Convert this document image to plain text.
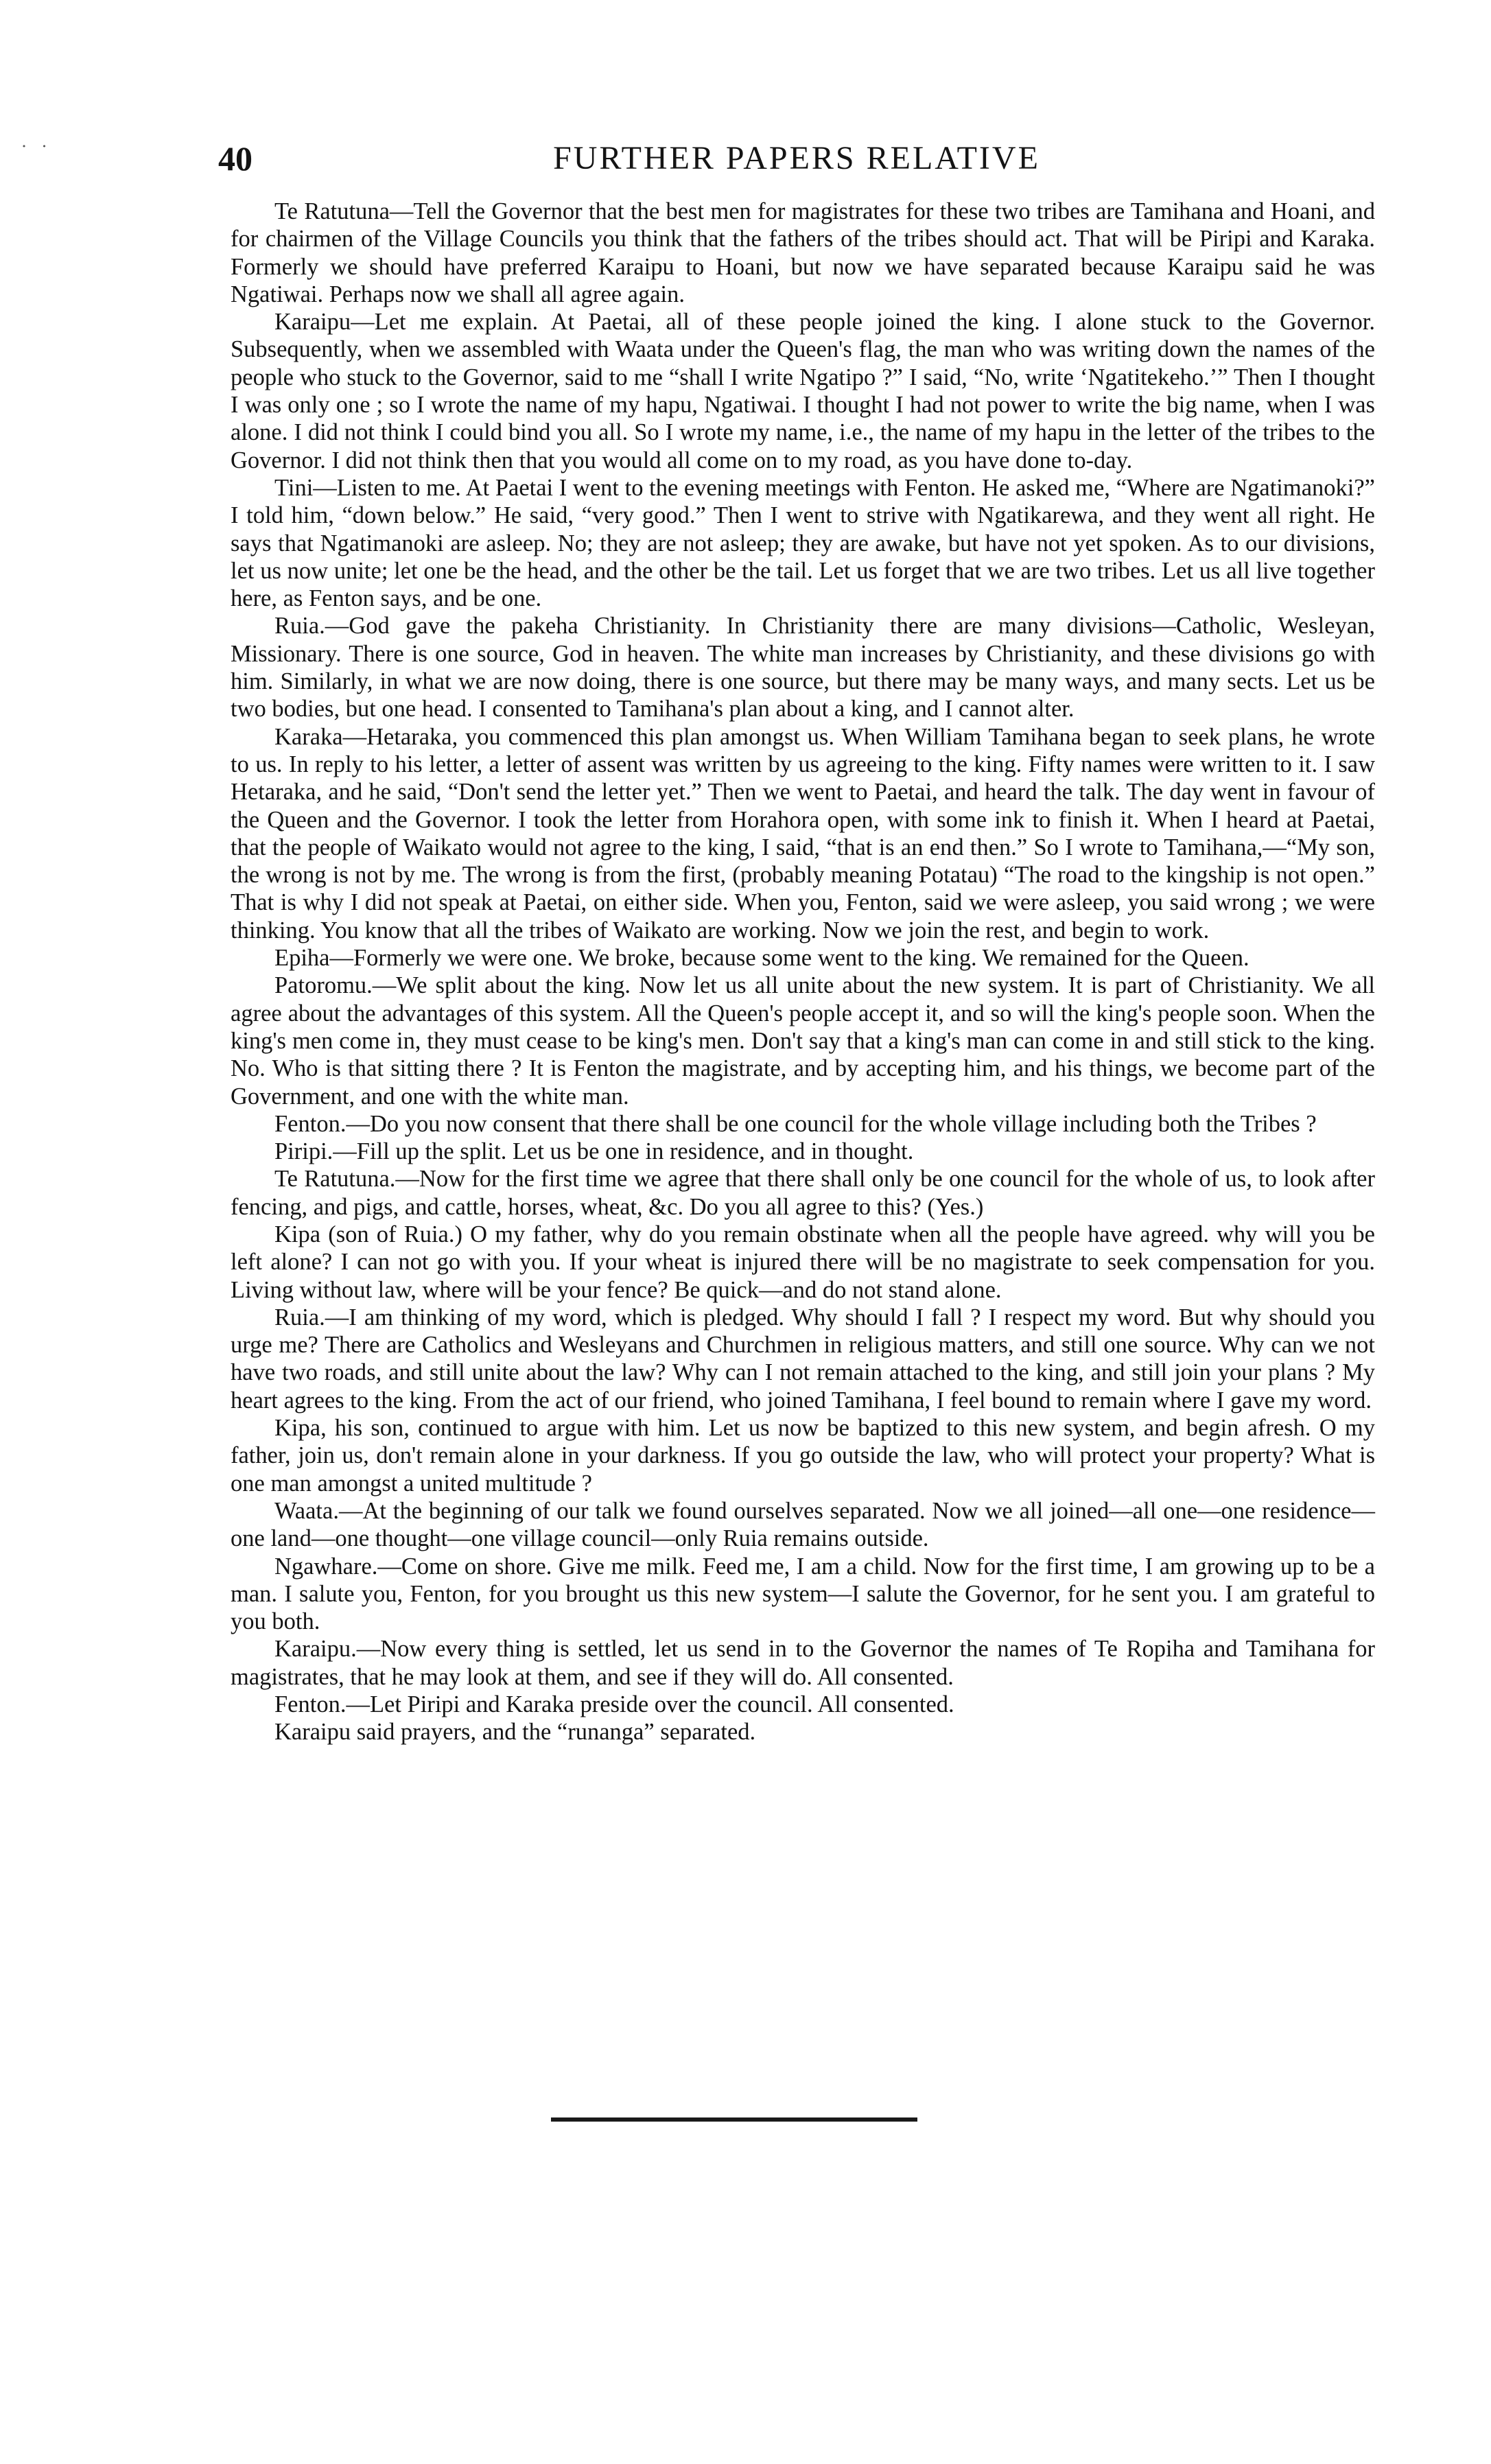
˙ ˙	40	FURTHER PAPERS RELATIVE

Te Ratutuna—Tell the Governor that the best men for magistrates for these two tribes are Tamihana and Hoani, and for chairmen of the Village Councils you think that the fathers of the tribes should act. That will be Piripi and Karaka. Formerly we should have preferred Karaipu to Hoani, but now we have separated because Karaipu said he was Ngatiwai. Perhaps now we shall all agree again.

Karaipu—Let me explain. At Paetai, all of these people joined the king. I alone stuck to the Governor. Subsequently, when we assembled with Waata under the Queen's flag, the man who was writing down the names of the people who stuck to the Governor, said to me “shall I write Ngatipo ?” I said, “No, write ‘Ngatitekeho.’” Then I thought I was only one ; so I wrote the name of my hapu, Ngatiwai. I thought I had not power to write the big name, when I was alone. I did not think I could bind you all. So I wrote my name, i.e., the name of my hapu in the letter of the tribes to the Governor. I did not think then that you would all come on to my road, as you have done to-day.

Tini—Listen to me. At Paetai I went to the evening meetings with Fenton. He asked me, “Where are Ngatimanoki?” I told him, “down below.” He said, “very good.” Then I went to strive with Ngatikarewa, and they went all right. He says that Ngatimanoki are asleep. No; they are not asleep; they are awake, but have not yet spoken. As to our divisions, let us now unite; let one be the head, and the other be the tail. Let us forget that we are two tribes. Let us all live together here, as Fenton says, and be one.

Ruia.—God gave the pakeha Christianity. In Christianity there are many divisions—Catholic, Wesleyan, Missionary. There is one source, God in heaven. The white man increases by Christianity, and these divisions go with him. Similarly, in what we are now doing, there is one source, but there may be many ways, and many sects. Let us be two bodies, but one head. I consented to Tamihana's plan about a king, and I cannot alter.

Karaka—Hetaraka, you commenced this plan amongst us. When William Tamihana began to seek plans, he wrote to us. In reply to his letter, a letter of assent was written by us agreeing to the king. Fifty names were written to it. I saw Hetaraka, and he said, “Don't send the letter yet.” Then we went to Paetai, and heard the talk. The day went in favour of the Queen and the Governor. I took the letter from Horahora open, with some ink to finish it. When I heard at Paetai, that the people of Waikato would not agree to the king, I said, “that is an end then.” So I wrote to Tamihana,—“My son, the wrong is not by me. The wrong is from the first, (probably meaning Potatau) “The road to the kingship is not open.” That is why I did not speak at Paetai, on either side. When you, Fenton, said we were asleep, you said wrong ; we were thinking. You know that all the tribes of Waikato are working. Now we join the rest, and begin to work.

Epiha—Formerly we were one. We broke, because some went to the king. We remained for the Queen.

Patoromu.—We split about the king. Now let us all unite about the new system. It is part of Christianity. We all agree about the advantages of this system. All the Queen's people accept it, and so will the king's people soon. When the king's men come in, they must cease to be king's men. Don't say that a king's man can come in and still stick to the king. No. Who is that sitting there ? It is Fenton the magistrate, and by accepting him, and his things, we become part of the Government, and one with the white man.

Fenton.—Do you now consent that there shall be one council for the whole village including both the Tribes ?

Piripi.—Fill up the split. Let us be one in residence, and in thought.

Te Ratutuna.—Now for the first time we agree that there shall only be one council for the whole of us, to look after fencing, and pigs, and cattle, horses, wheat, &c. Do you all agree to this? (Yes.)

Kipa (son of Ruia.) O my father, why do you remain obstinate when all the people have agreed. why will you be left alone? I can not go with you. If your wheat is injured there will be no magistrate to seek compensation for you. Living without law, where will be your fence? Be quick—and do not stand alone.

Ruia.—I am thinking of my word, which is pledged. Why should I fall ? I respect my word. But why should you urge me? There are Catholics and Wesleyans and Churchmen in religious matters, and still one source. Why can we not have two roads, and still unite about the law? Why can I not remain attached to the king, and still join your plans ? My heart agrees to the king. From the act of our friend, who joined Tamihana, I feel bound to remain where I gave my word.

Kipa, his son, continued to argue with him. Let us now be baptized to this new system, and begin afresh. O my father, join us, don't remain alone in your darkness. If you go outside the law, who will protect your property? What is one man amongst a united multitude ?

Waata.—At the beginning of our talk we found ourselves separated. Now we all joined—all one—one residence—one land—one thought—one village council—only Ruia remains outside.

Ngawhare.—Come on shore. Give me milk. Feed me, I am a child. Now for the first time, I am growing up to be a man. I salute you, Fenton, for you brought us this new system—I salute the Governor, for he sent you. I am grateful to you both.

Karaipu.—Now every thing is settled, let us send in to the Governor the names of Te Ropiha and Tamihana for magistrates, that he may look at them, and see if they will do. All consented.

Fenton.—Let Piripi and Karaka preside over the council. All consented.

Karaipu said prayers, and the “runanga” separated.
